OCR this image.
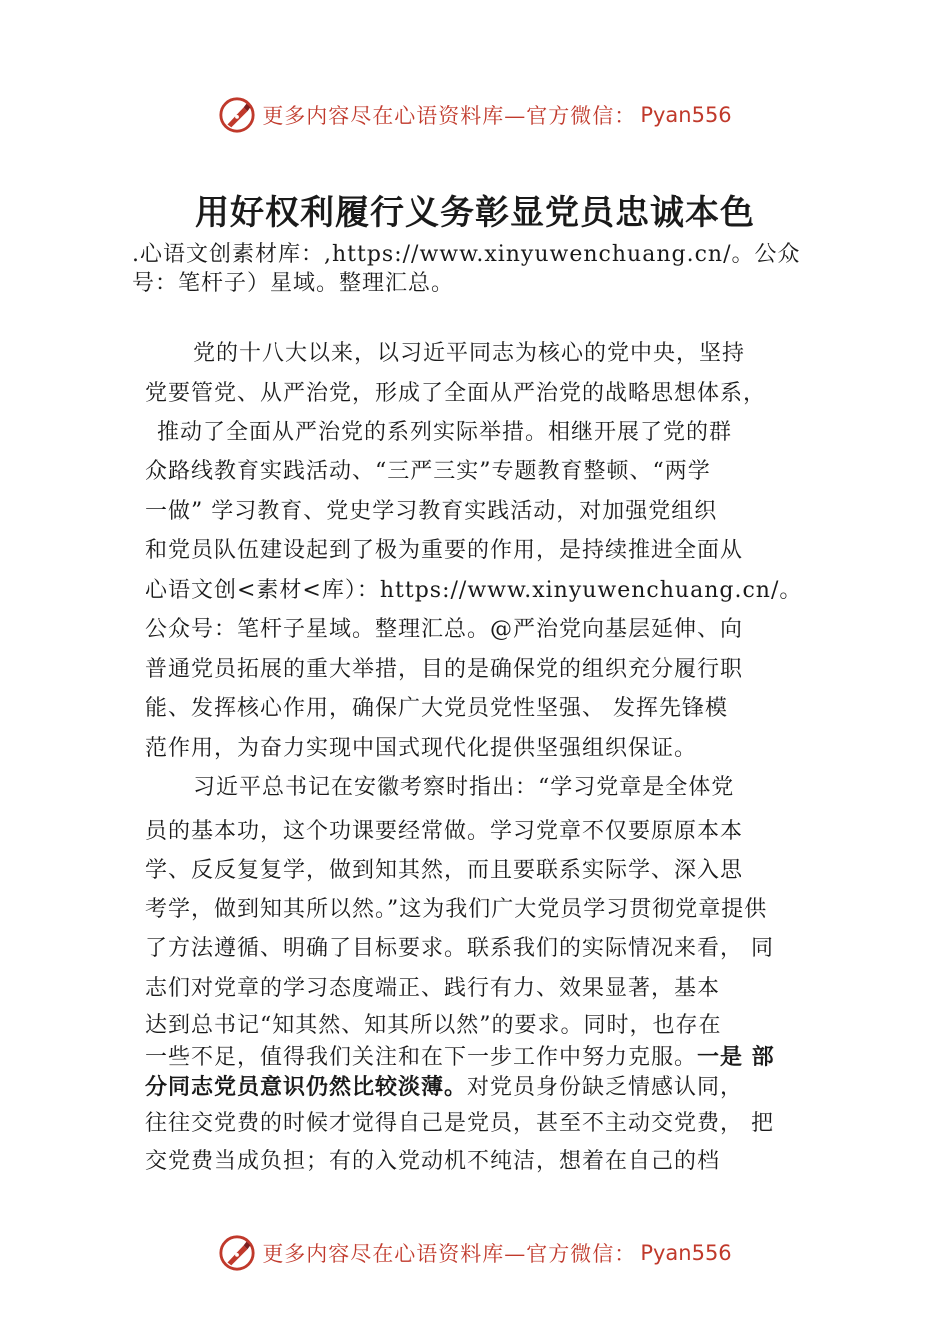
更多内容尽在心语资料库—官方微信： Pyan556
用好权利履行义务彰显党员忠诚本色
.心语文创素材库：,https://www.xinyuwenchuang.cn/。公众
号：笔杆子）星域。整理汇总。
党的十八大以来，以习近平同志为核心的党中央，坚持
党要管党、从严治党，形成了全面从严治党的战略思想体系，
推动了全面从严治党的系列实际举措。相继开展了党的群
众路线教育实践活动、“三严三实”专题教育整顿、“两学
一做” 学习教育、党史学习教育实践活动，对加强党组织
和党员队伍建设起到了极为重要的作用，是持续推进全面从
心语文创<素材<库）：https://www.xinyuwenchuang.cn/。
公众号：笔杆子星域。整理汇总。@严治党向基层延伸、向
普通党员拓展的重大举措，目的是确保党的组织充分履行职
能、发挥核心作用，确保广大党员党性坚强、 发挥先锋模
范作用，为奋力实现中国式现代化提供坚强组织保证。
习近平总书记在安徽考察时指出：“学习党章是全体党
员的基本功，这个功课要经常做。学习党章不仅要原原本本
学、反反复复学，做到知其然，而且要联系实际学、深入思
考学，做到知其所以然。”这为我们广大党员学习贯彻党章提供
了方法遵循、明确了目标要求。联系我们的实际情况来看， 同
志们对党章的学习态度端正、践行有力、效果显著，基本
达到总书记“知其然、知其所以然”的要求。同时，也存在
一些不足，值得我们关注和在下一步工作中努力克服。一是 部
分同志党员意识仍然比较淡薄。对党员身份缺乏情感认同，
往往交党费的时候才觉得自己是党员，甚至不主动交党费， 把
交党费当成负担；有的入党动机不纯洁，想着在自己的档
更多内容尽在心语资料库—官方微信： Pyan556
